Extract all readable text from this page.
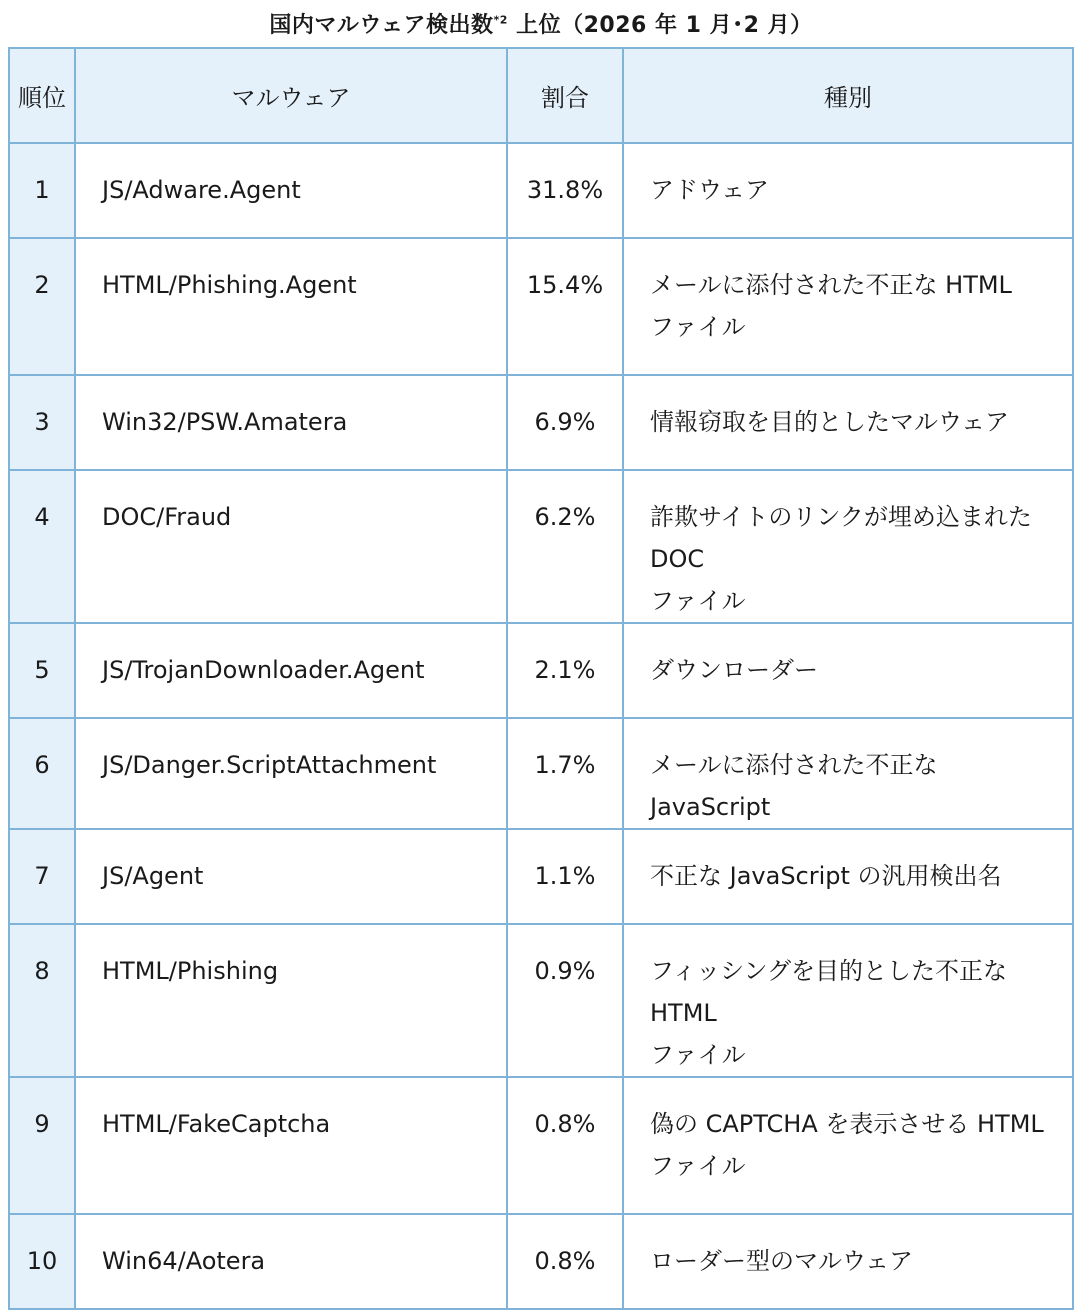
国内マルウェア検出数$^{*2}$ 上位（2026 年 1 月･2 月）
順位	マルウェア	割合	種別

1	JS/Adware.Agent	31.8%	アドウェア

2	HTML/Phishing.Agent	15.4%	メールに添付された不正な HTML
ファイル

3	Win32/PSW.Amatera	6.9%	情報窃取を目的としたマルウェア

4	DOC/Fraud	6.2%	詐欺サイトのリンクが埋め込まれた DOC
ファイル

5	JS/TrojanDownloader.Agent	2.1%	ダウンローダー

6	JS/Danger.ScriptAttachment	1.7%	メールに添付された不正な JavaScript

7	JS/Agent	1.1%	不正な JavaScript の汎用検出名

8	HTML/Phishing	0.9%	フィッシングを目的とした不正な HTML
ファイル

9	HTML/FakeCaptcha	0.8%	偽の CAPTCHA を表示させる HTML
ファイル

10	Win64/Aotera	0.8%	ローダー型のマルウェア
